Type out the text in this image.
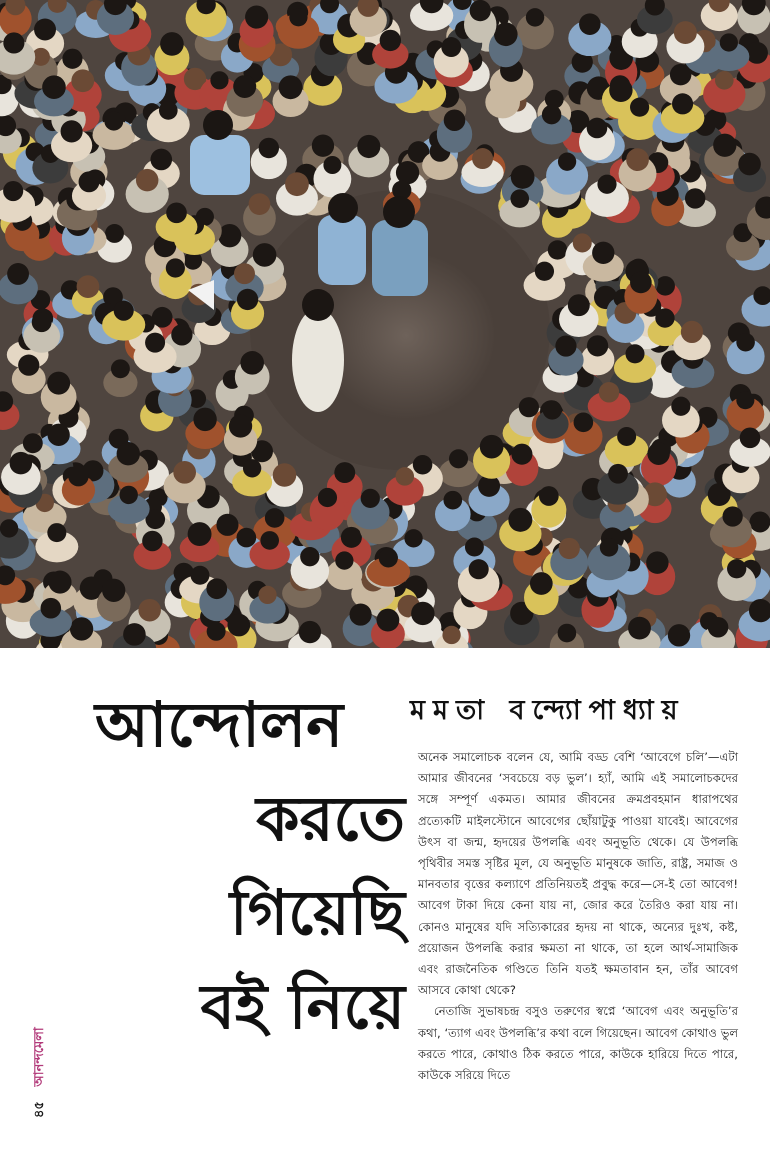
আন্দোলন
করতে
গিয়েছি
বই নিয়ে
মমতা বন্দ্যোপাধ্যায়

অনেক সমালোচক বলেন যে, আমি বড্ড বেশি ‘আবেগে চলি’—এটা আমার জীবনের ‘সবচেয়ে বড় ভুল’। হ্যাঁ, আমি এই সমালোচকদের সঙ্গে সম্পূর্ণ একমত। আমার জীবনের ক্রমপ্রবহমান ধারাপথের প্রত্যেকটি মাইলস্টোনে আবেগের ছোঁয়াটুকু পাওয়া যাবেই। আবেগের উৎস বা জন্ম, হৃদয়ের উপলব্ধি এবং অনুভূতি থেকে। যে উপলব্ধি পৃথিবীর সমস্ত সৃষ্টির মূল, যে অনুভূতি মানুষকে জাতি, রাষ্ট্র, সমাজ ও মানবতার বৃত্তের কল্যাণে প্রতিনিয়তই প্রবুদ্ধ করে—সে-ই তো আবেগ! আবেগ টাকা দিয়ে কেনা যায় না, জোর করে তৈরিও করা যায় না। কোনও মানুষের যদি সত্যিকারের হৃদয় না থাকে, অন্যের দুঃখ, কষ্ট, প্রয়োজন উপলব্ধি করার ক্ষমতা না থাকে, তা হলে আর্থ-সামাজিক এবং রাজনৈতিক গণ্ডিতে তিনি যতই ক্ষমতাবান হন, তাঁর আবেগ আসবে কোথা থেকে?

নেতাজি সুভাষচন্দ্র বসুও তরুণের স্বপ্নে ‘আবেগ এবং অনুভূতি’র কথা, ‘ত্যাগ এবং উপলব্ধি’র কথা বলে গিয়েছেন। আবেগ কোথাও ভুল করতে পারে, কোথাও ঠিক করতে পারে, কাউকে হারিয়ে দিতে পারে, কাউকে সরিয়ে দিতে

৪৫ আনন্দমেলা
